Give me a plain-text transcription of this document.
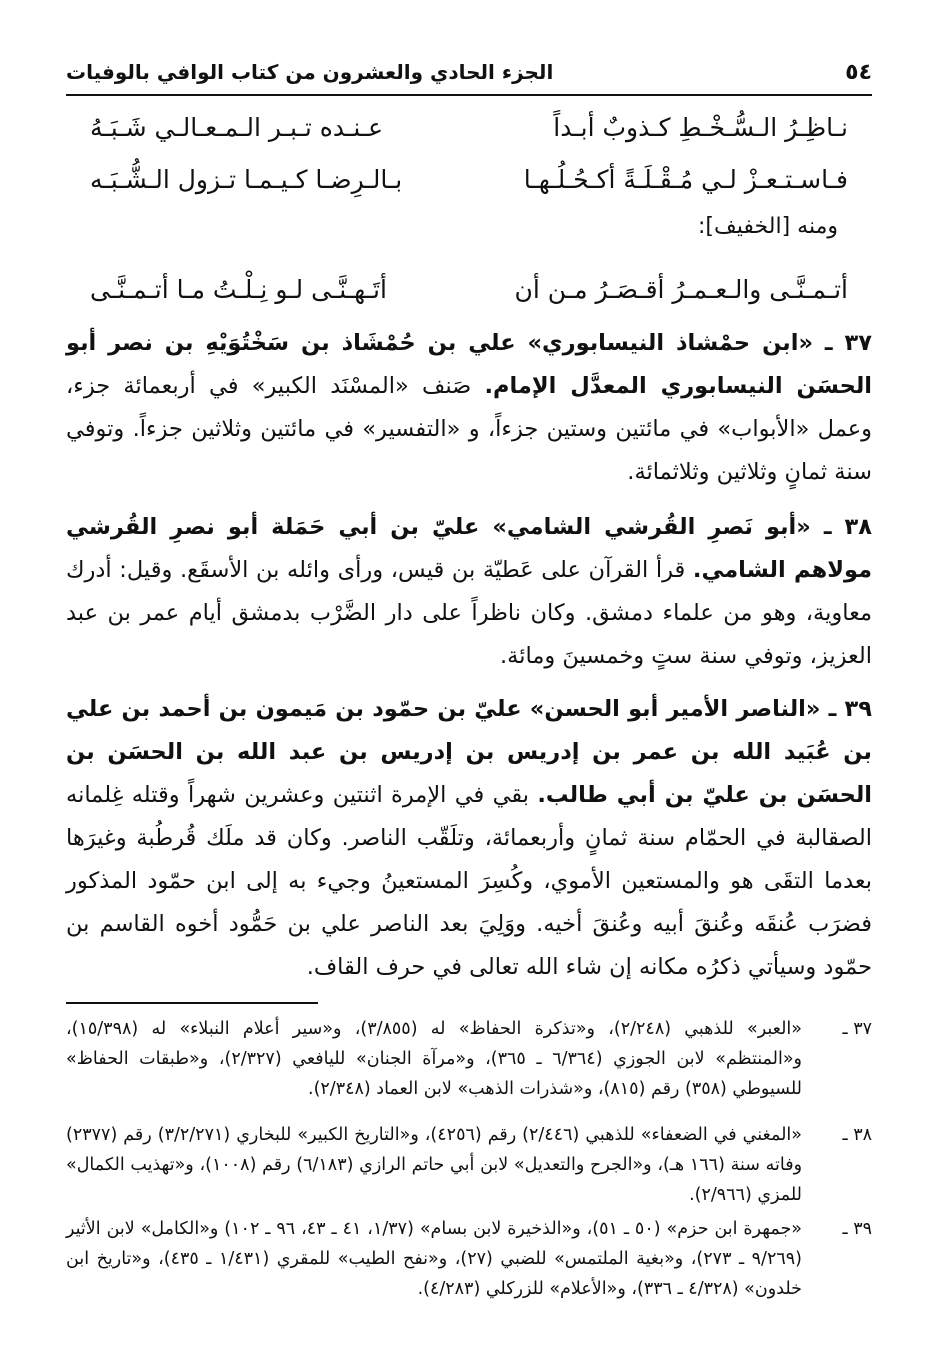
٥٤
الجزء الحادي والعشرون من كتاب الوافي بالوفيات
نـاظِـرُ الـسُّـخْـطِ كـذوبٌ أبـداً
عـنـده تـبـر الـمـعـالـي شَـبَـهُ
فـاسـتـعـزْ لـي مُـقْـلَـةً أكـحُـلُـهـا
بـالـرِضـا كـيـمـا تـزول الـشُّـبَـه
ومنه [الخفيف]:
أتـمـنَّـى والـعـمـرُ أقـصَـرُ مـن أن
أتَـهـنَّـى لـو نِـلْـتُ مـا أتـمـنَّـى

٣٧ ـ «ابن حمْشاذ النيسابوري» علي بن حُمْشَاذ بن سَخْتُوَيْهِ بن نصر أبو الحسَن النيسابوري المعدَّل الإمام. صَنف «المسْنَد الكبير» في أربعمائة جزء، وعمل «الأبواب» في مائتين وستين جزءاً، و «التفسير» في مائتين وثلاثين جزءاً. وتوفي سنة ثمانٍ وثلاثين وثلاثمائة.

٣٨ ـ «أبو نَصرِ القُرشي الشامي» عليّ بن أبي حَمَلة أبو نصرِ القُرشي مولاهم الشامي. قرأ القرآن على عَطيّة بن قيس، ورأى وائله بن الأسقَع. وقيل: أدرك معاوية، وهو من علماء دمشق. وكان ناظراً على دار الضَّرْب بدمشق أيام عمر بن عبد العزيز، وتوفي سنة ستٍ وخمسينَ ومائة.

٣٩ ـ «الناصر الأمير أبو الحسن» عليّ بن حمّود بن مَيمون بن أحمد بن علي بن عُبَيد الله بن عمر بن إدريس بن إدريس بن عبد الله بن الحسَن بن الحسَن بن عليّ بن أبي طالب. بقي في الإمرة اثنتين وعشرين شهراً وقتله غِلمانه الصقالبة في الحمّام سنة ثمانٍ وأربعمائة، وتلَقّب الناصر. وكان قد ملَك قُرطُبة وغيرَها بعدما التقَى هو والمستعين الأموي، وكُسِرَ المستعينُ وجيء به إلى ابن حمّود المذكور فضرَب عُنقَه وعُنقَ أبيه وعُنقَ أخيه. ووَلِيَ بعد الناصر علي بن حَمُّود أخوه القاسم بن حمّود وسيأتي ذكرُه مكانه إن شاء الله تعالى في حرف القاف.

٣٧ ـ
«العبر» للذهبي (٢/٢٤٨)، و«تذكرة الحفاظ» له (٣/٨٥٥)، و«سير أعلام النبلاء» له (١٥/٣٩٨)، و«المنتظم» لابن الجوزي (٦/٣٦٤ ـ ٣٦٥)، و«مرآة الجنان» لليافعي (٢/٣٢٧)، و«طبقات الحفاظ» للسيوطي (٣٥٨) رقم (٨١٥)، و«شذرات الذهب» لابن العماد (٢/٣٤٨).
٣٨ ـ
«المغني في الضعفاء» للذهبي (٢/٤٤٦) رقم (٤٢٥٦)، و«التاريخ الكبير» للبخاري (٣/٢/٢٧١) رقم (٢٣٧٧) وفاته سنة (١٦٦ هـ)، و«الجرح والتعديل» لابن أبي حاتم الرازي (٦/١٨٣) رقم (١٠٠٨)، و«تهذيب الكمال» للمزي (٢/٩٦٦).
٣٩ ـ
«جمهرة ابن حزم» (٥٠ ـ ٥١)، و«الذخيرة لابن بسام» (١/٣٧، ٤١ ـ ٤٣، ٩٦ ـ ١٠٢) و«الكامل» لابن الأثير (٩/٢٦٩ ـ ٢٧٣)، و«بغية الملتمس» للضبي (٢٧)، و«نفح الطيب» للمقري (١/٤٣١ ـ ٤٣٥)، و«تاريخ ابن خلدون» (٤/٣٢٨ ـ ٣٣٦)، و«الأعلام» للزركلي (٤/٢٨٣).
